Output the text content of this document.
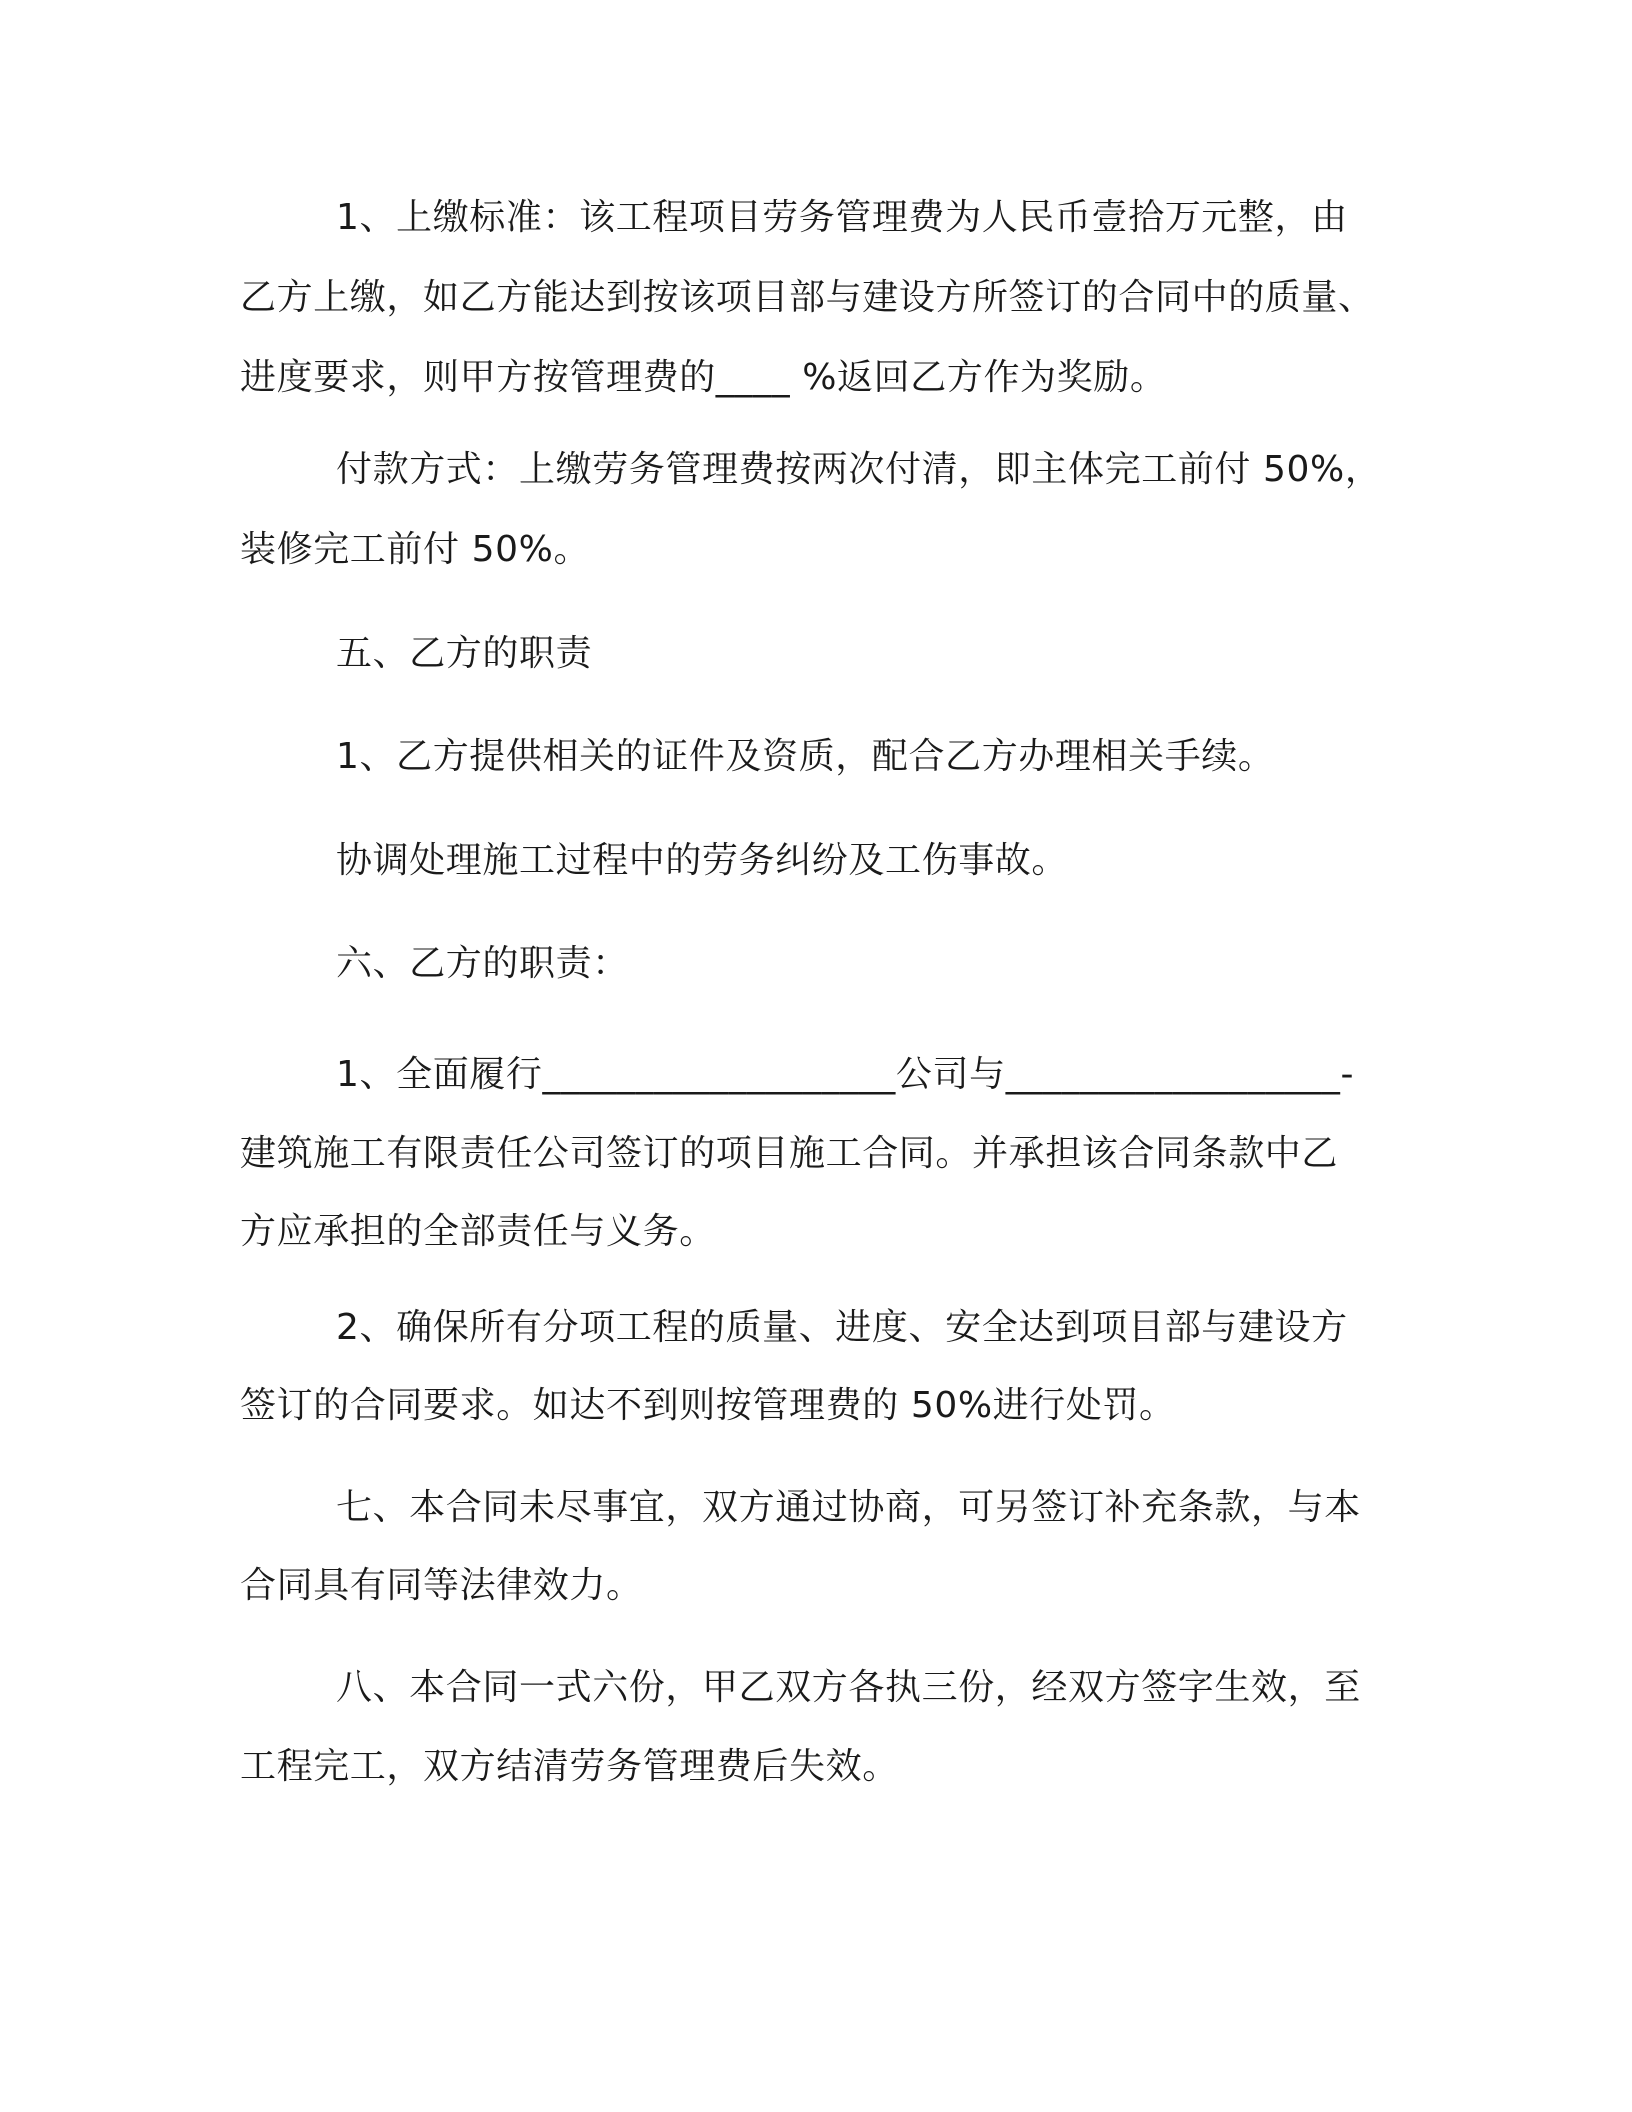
1、上缴标准：该工程项目劳务管理费为人民币壹拾万元整，由
乙方上缴，如乙方能达到按该项目部与建设方所签订的合同中的质量、
进度要求，则甲方按管理费的____ %返回乙方作为奖励。
付款方式：上缴劳务管理费按两次付清，即主体完工前付 50%，
装修完工前付 50%。
五、乙方的职责
1、乙方提供相关的证件及资质，配合乙方办理相关手续。
协调处理施工过程中的劳务纠纷及工伤事故。
六、乙方的职责：
1、全面履行___________________公司与__________________-
建筑施工有限责任公司签订的项目施工合同。并承担该合同条款中乙
方应承担的全部责任与义务。
2、确保所有分项工程的质量、进度、安全达到项目部与建设方
签订的合同要求。如达不到则按管理费的 50%进行处罚。
七、本合同未尽事宜，双方通过协商，可另签订补充条款，与本
合同具有同等法律效力。
八、本合同一式六份，甲乙双方各执三份，经双方签字生效，至
工程完工，双方结清劳务管理费后失效。
